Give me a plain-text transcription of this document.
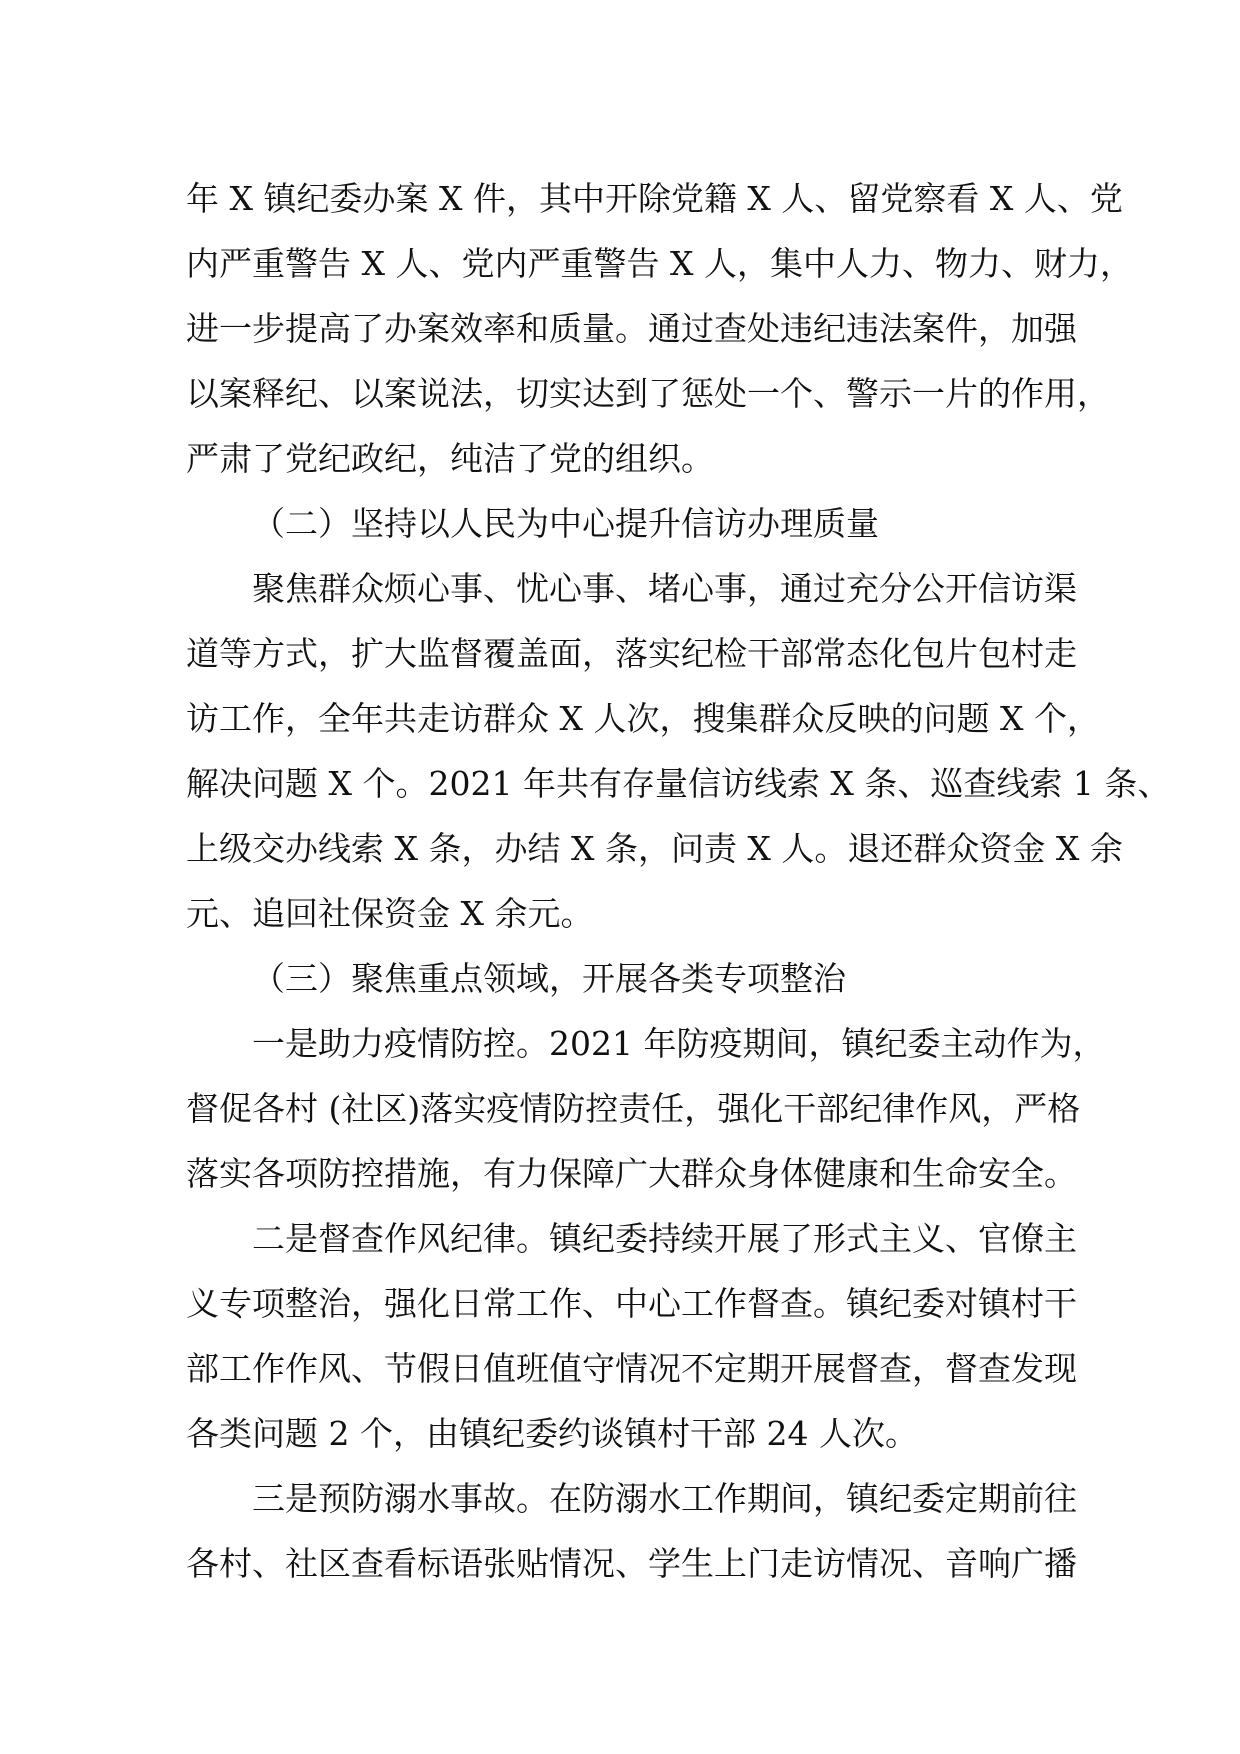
年 X 镇纪委办案 X 件，其中开除党籍 X 人、留党察看 X 人、党
内严重警告 X 人、党内严重警告 X 人，集中人力、物力、财力，
进一步提高了办案效率和质量。通过查处违纪违法案件，加强
以案释纪、以案说法，切实达到了惩处一个、警示一片的作用，
严肃了党纪政纪，纯洁了党的组织。
（二）坚持以人民为中心提升信访办理质量
聚焦群众烦心事、忧心事、堵心事，通过充分公开信访渠
道等方式，扩大监督覆盖面，落实纪检干部常态化包片包村走
访工作，全年共走访群众 X 人次，搜集群众反映的问题 X 个，
解决问题 X 个。2021 年共有存量信访线索 X 条、巡查线索 1 条、
上级交办线索 X 条，办结 X 条，问责 X 人。退还群众资金 X 余
元、追回社保资金 X 余元。
（三）聚焦重点领域，开展各类专项整治
一是助力疫情防控。2021 年防疫期间，镇纪委主动作为，
督促各村 (社区)落实疫情防控责任，强化干部纪律作风，严格
落实各项防控措施，有力保障广大群众身体健康和生命安全。
二是督查作风纪律。镇纪委持续开展了形式主义、官僚主
义专项整治，强化日常工作、中心工作督查。镇纪委对镇村干
部工作作风、节假日值班值守情况不定期开展督查，督查发现
各类问题 2 个，由镇纪委约谈镇村干部 24 人次。
三是预防溺水事故。在防溺水工作期间，镇纪委定期前往
各村、社区查看标语张贴情况、学生上门走访情况、音响广播
